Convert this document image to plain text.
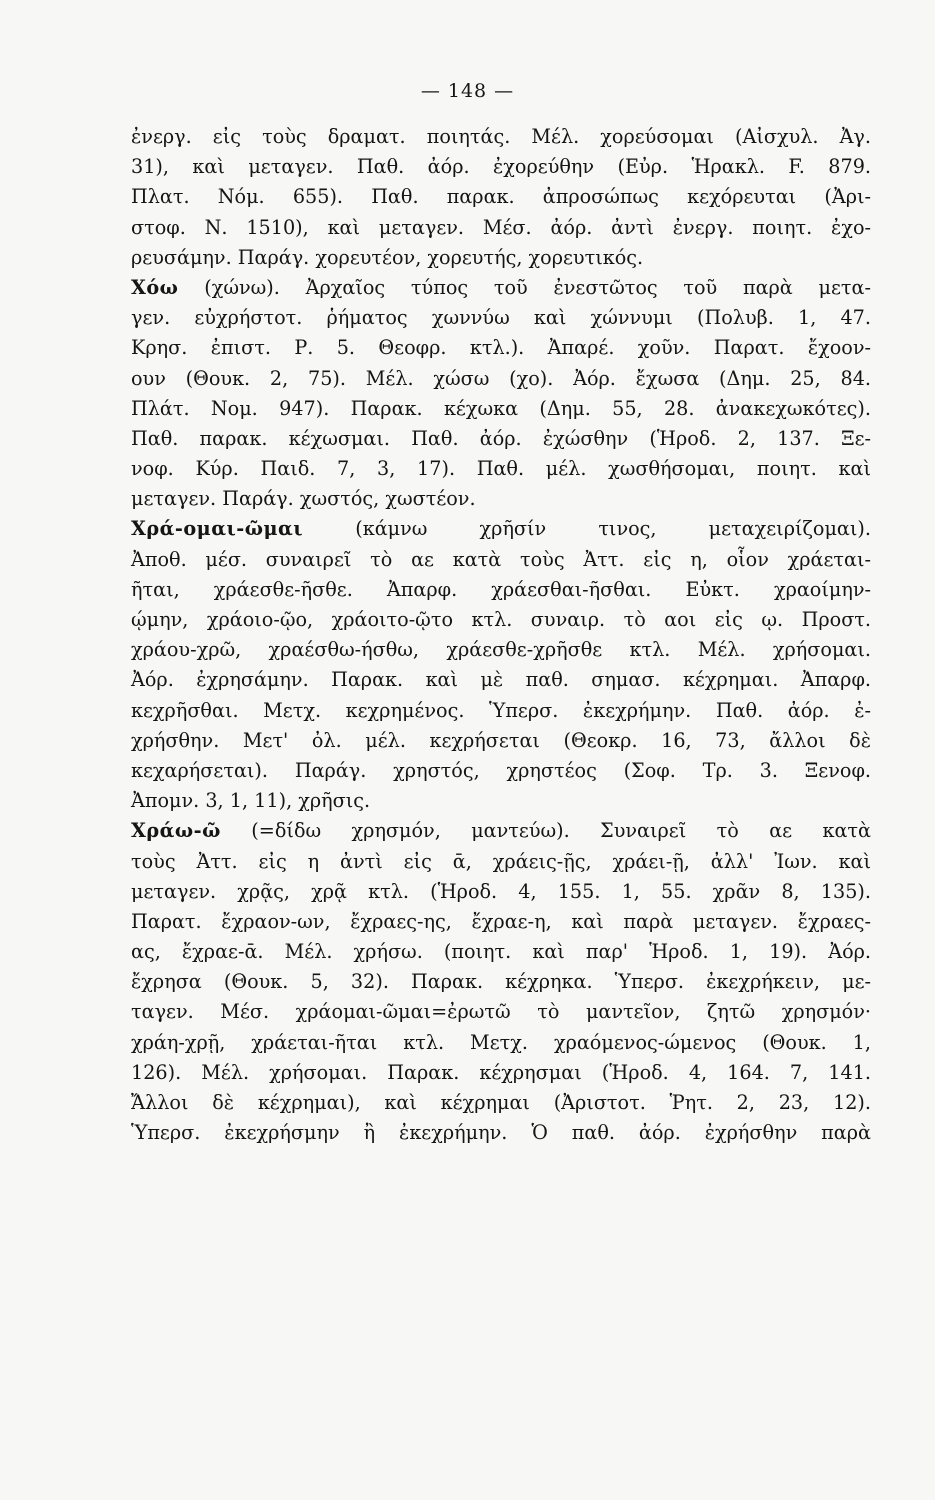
— 148 —
ἐνεργ. εἰς τοὺς δραματ. ποιητάς. Μέλ. χορεύσομαι (Αἰσχυλ. Ἀγ.
31), καὶ μεταγεν. Παθ. ἀόρ. ἐχορεύθην (Εὐρ. Ἡρακλ. F. 879.
Πλατ. Νόμ. 655). Παθ. παρακ. ἀπροσώπως κεχόρευται (Ἀρι-
στοφ. Ν. 1510), καὶ μεταγεν. Μέσ. ἀόρ. ἀντὶ ἐνεργ. ποιητ. ἐχο-
ρευσάμην. Παράγ. χορευτέον, χορευτής, χορευτικός.
Χόω (χώνω). Ἀρχαῖος τύπος τοῦ ἐνεστῶτος τοῦ παρὰ μετα-
γεν. εὐχρήστοτ. ῥήματος χωννύω καὶ χώννυμι (Πολυβ. 1, 47.
Κρησ. ἐπιστ. Ρ. 5. Θεοφρ. κτλ.). Ἀπαρέ. χοῦν. Παρατ. ἔχοον-
ουν (Θουκ. 2, 75). Μέλ. χώσω (χο). Ἀόρ. ἔχωσα (Δημ. 25, 84.
Πλάτ. Νομ. 947). Παρακ. κέχωκα (Δημ. 55, 28. ἀνακεχωκότες).
Παθ. παρακ. κέχωσμαι. Παθ. ἀόρ. ἐχώσθην (Ἡροδ. 2, 137. Ξε-
νοφ. Κύρ. Παιδ. 7, 3, 17). Παθ. μέλ. χωσθήσομαι, ποιητ. καὶ
μεταγεν. Παράγ. χωστός, χωστέον.
Χρά-ομαι-ῶμαι (κάμνω χρῆσίν τινος, μεταχειρίζομαι).
Ἀποθ. μέσ. συναιρεῖ τὸ αε κατὰ τοὺς Ἀττ. εἰς η, οἷον χράεται-
ῆται, χράεσθε-ῆσθε. Ἀπαρφ. χράεσθαι-ῆσθαι. Εὐκτ. χραοίμην-
ῴμην, χράοιο-ῷο, χράοιτο-ῷτο κτλ. συναιρ. τὸ αοι εἰς ῳ. Προστ.
χράου-χρῶ, χραέσθω-ήσθω, χράεσθε-χρῆσθε κτλ. Μέλ. χρήσομαι.
Ἀόρ. ἐχρησάμην. Παρακ. καὶ μὲ παθ. σημασ. κέχρημαι. Ἀπαρφ.
κεχρῆσθαι. Μετχ. κεχρημένος. Ὑπερσ. ἐκεχρήμην. Παθ. ἀόρ. ἐ-
χρήσθην. Μετ' ὀλ. μέλ. κεχρήσεται (Θεοκρ. 16, 73, ἄλλοι δὲ
κεχαρήσεται). Παράγ. χρηστός, χρηστέος (Σοφ. Τρ. 3. Ξενοφ.
Ἀπομν. 3, 1, 11), χρῆσις.
Χράω-ῶ (=δίδω χρησμόν, μαντεύω). Συναιρεῖ τὸ αε κατὰ
τοὺς Ἀττ. εἰς η ἀντὶ εἰς ᾱ, χράεις-ῇς, χράει-ῇ, ἀλλ' Ἰων. καὶ
μεταγεν. χρᾷς, χρᾷ κτλ. (Ἡροδ. 4, 155. 1, 55. χρᾶν 8, 135).
Παρατ. ἔχραον-ων, ἔχραες-ης, ἔχραε-η, καὶ παρὰ μεταγεν. ἔχραες-
ας, ἔχραε-ᾱ. Μέλ. χρήσω. (ποιητ. καὶ παρ' Ἡροδ. 1, 19). Ἀόρ.
ἔχρησα (Θουκ. 5, 32). Παρακ. κέχρηκα. Ὑπερσ. ἐκεχρήκειν, με-
ταγεν. Μέσ. χράομαι-ῶμαι=ἐρωτῶ τὸ μαντεῖον, ζητῶ χρησμόν·
χράη-χρῇ, χράεται-ῆται κτλ. Μετχ. χραόμενος-ώμενος (Θουκ. 1,
126). Μέλ. χρήσομαι. Παρακ. κέχρησμαι (Ἡροδ. 4, 164. 7, 141.
Ἄλλοι δὲ κέχρημαι), καὶ κέχρημαι (Ἀριστοτ. Ῥητ. 2, 23, 12).
Ὑπερσ. ἐκεχρήσμην ἢ ἐκεχρήμην. Ὁ παθ. ἀόρ. ἐχρήσθην παρὰ
